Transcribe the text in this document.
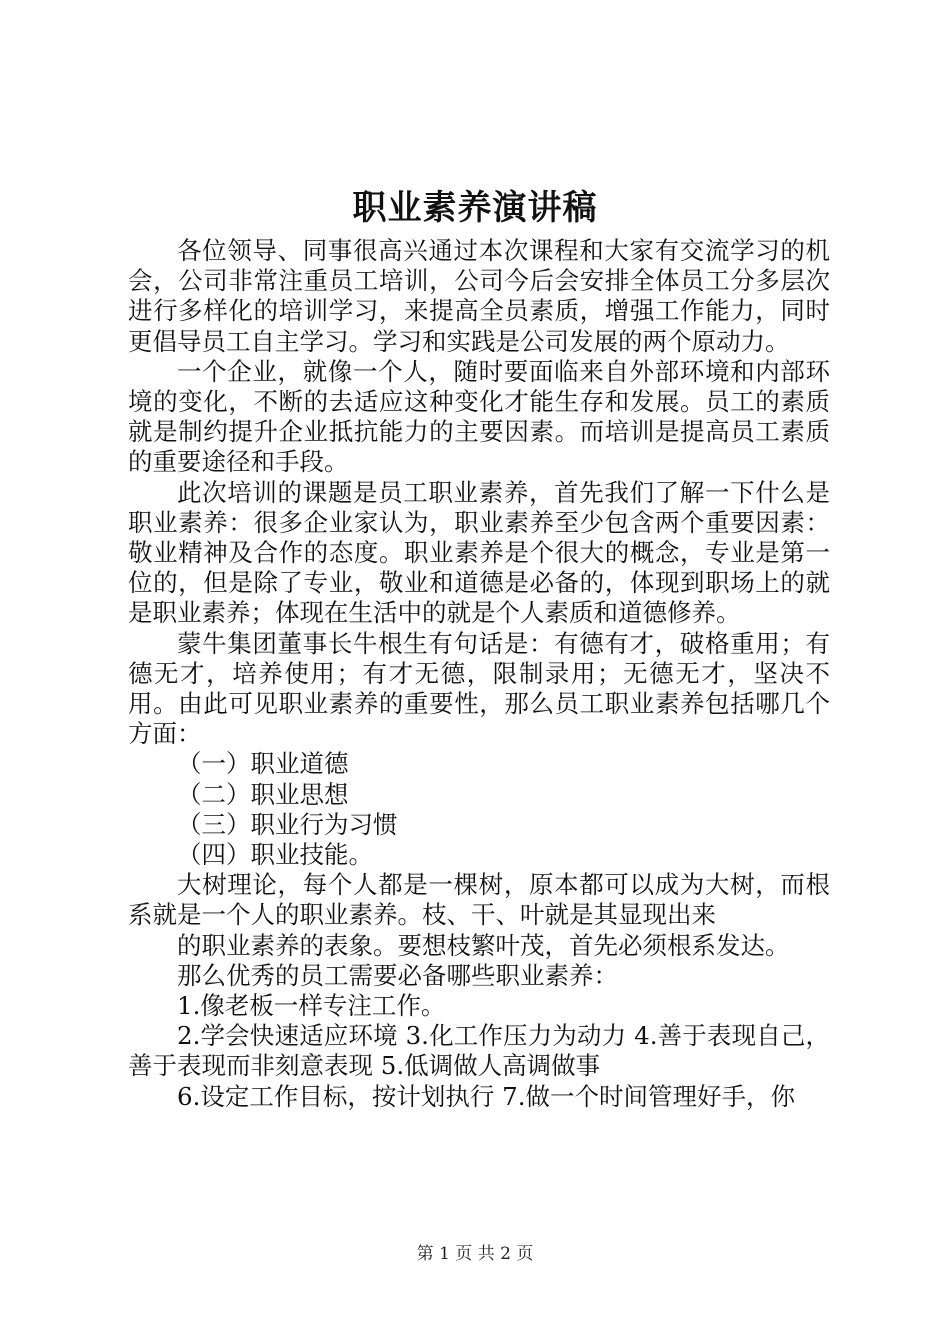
职业素养演讲稿

各位领导、同事很高兴通过本次课程和大家有交流学习的机会，公司非常注重员工培训，公司今后会安排全体员工分多层次进行多样化的培训学习，来提高全员素质，增强工作能力，同时更倡导员工自主学习。学习和实践是公司发展的两个原动力。

一个企业，就像一个人，随时要面临来自外部环境和内部环境的变化，不断的去适应这种变化才能生存和发展。员工的素质就是制约提升企业抵抗能力的主要因素。而培训是提高员工素质的重要途径和手段。

此次培训的课题是员工职业素养，首先我们了解一下什么是职业素养：很多企业家认为，职业素养至少包含两个重要因素：敬业精神及合作的态度。职业素养是个很大的概念，专业是第一位的，但是除了专业，敬业和道德是必备的，体现到职场上的就是职业素养；体现在生活中的就是个人素质和道德修养。

蒙牛集团董事长牛根生有句话是：有德有才，破格重用；有德无才，培养使用；有才无德，限制录用；无德无才，坚决不用。由此可见职业素养的重要性，那么员工职业素养包括哪几个方面：

（一）职业道德

（二）职业思想

（三）职业行为习惯

（四）职业技能。

大树理论，每个人都是一棵树，原本都可以成为大树，而根系就是一个人的职业素养。枝、干、叶就是其显现出来

的职业素养的表象。要想枝繁叶茂，首先必须根系发达。

那么优秀的员工需要必备哪些职业素养：

1.像老板一样专注工作。

2.学会快速适应环境 3.化工作压力为动力 4.善于表现自己，善于表现而非刻意表现 5.低调做人高调做事

6.设定工作目标，按计划执行 7.做一个时间管理好手，你

第 1 页 共 2 页
